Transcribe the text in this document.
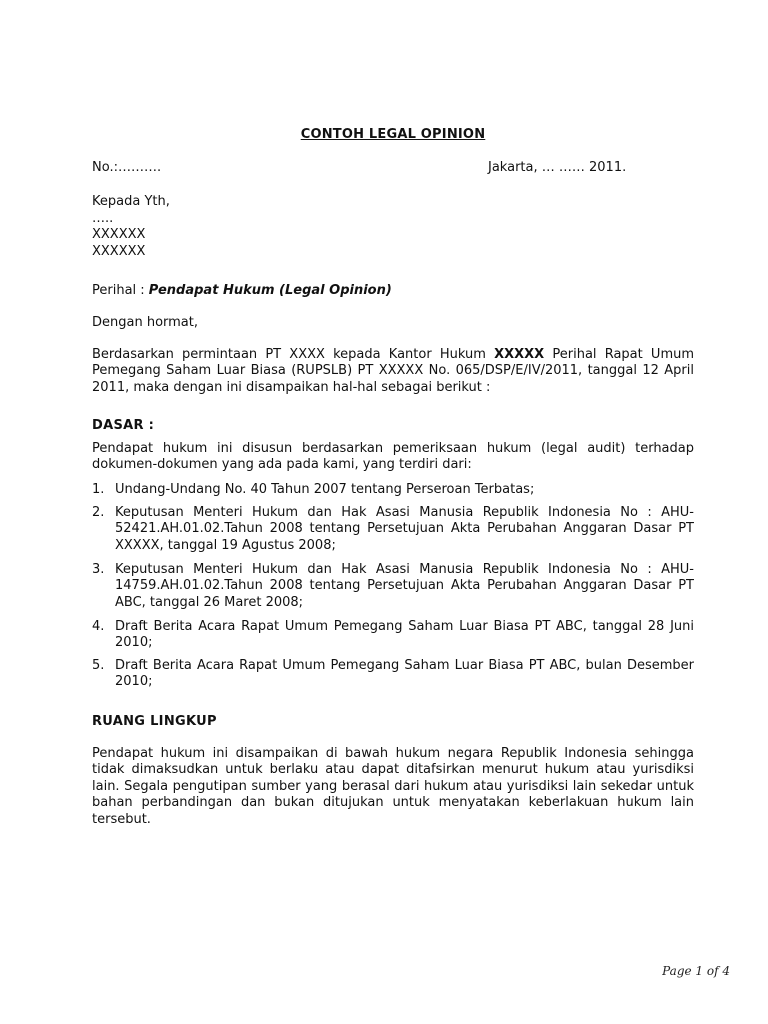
CONTOH LEGAL OPINION
No.:……….	Jakarta, … …… 2011.
Kepada Yth,
…..
XXXXXX
XXXXXX
Perihal : Pendapat Hukum (Legal Opinion)
Dengan hormat,
Berdasarkan permintaan PT XXXX kepada Kantor Hukum XXXXX Perihal Rapat Umum Pemegang Saham Luar Biasa (RUPSLB) PT XXXXX No. 065/DSP/E/IV/2011, tanggal 12 April 2011, maka dengan ini disampaikan hal-hal sebagai berikut :
DASAR :
Pendapat hukum ini disusun berdasarkan pemeriksaan hukum (legal audit) terhadap dokumen-dokumen yang ada pada kami, yang terdiri dari:
1. Undang-Undang No. 40 Tahun 2007 tentang Perseroan Terbatas;
2. Keputusan Menteri Hukum dan Hak Asasi Manusia Republik Indonesia No : AHU-52421.AH.01.02.Tahun 2008 tentang Persetujuan Akta Perubahan Anggaran Dasar PT XXXXX, tanggal 19 Agustus 2008;
3. Keputusan Menteri Hukum dan Hak Asasi Manusia Republik Indonesia No : AHU-14759.AH.01.02.Tahun 2008 tentang Persetujuan Akta Perubahan Anggaran Dasar PT ABC, tanggal 26 Maret 2008;
4. Draft Berita Acara Rapat Umum Pemegang Saham Luar Biasa PT ABC, tanggal 28 Juni 2010;
5. Draft Berita Acara Rapat Umum Pemegang Saham Luar Biasa PT ABC, bulan Desember 2010;
RUANG LINGKUP
Pendapat hukum ini disampaikan di bawah hukum negara Republik Indonesia sehingga tidak dimaksudkan untuk berlaku atau dapat ditafsirkan menurut hukum atau yurisdiksi lain. Segala pengutipan sumber yang berasal dari hukum atau yurisdiksi lain sekedar untuk bahan perbandingan dan bukan ditujukan untuk menyatakan keberlakuan hukum lain tersebut.
Page 1 of 4
